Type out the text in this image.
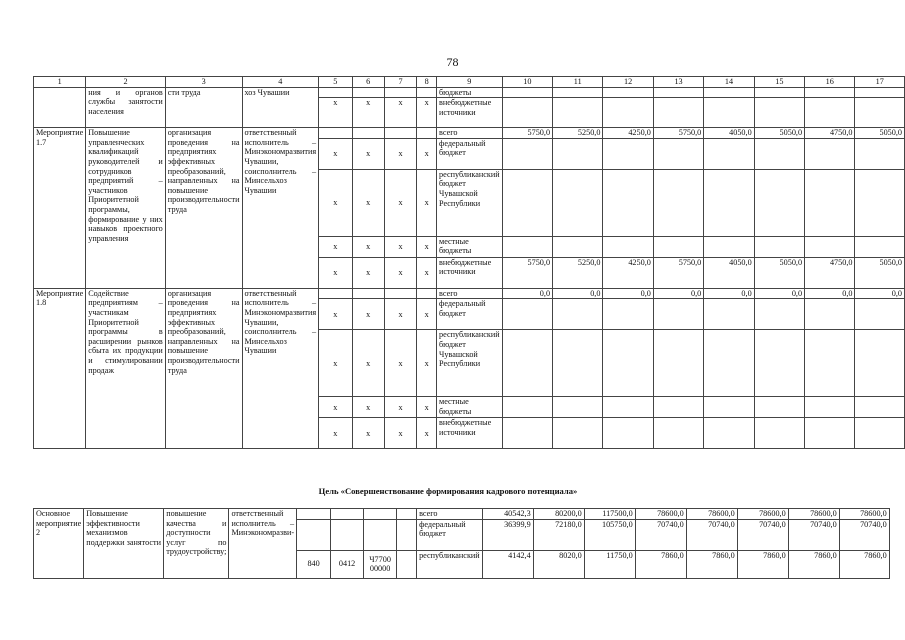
78
1	2	3	4	5	6	7	8	9	10	11	12	13	14	15	16	17
	ния и органов службы занятости населения	сти труда	хоз Чувашии					бюджеты								
				x	x	x	x	внебюджетные источники								
Мероприятие 1.7	Повышение управленческих квалификаций руководителей и сотрудников предприятий – участников Приоритетной программы, формирование у них навыков проектного управления	организация проведения на предприятиях эффективных преобразований, направленных на повышение производительности труда	ответственный исполнитель – Минэкономразвития Чувашии, соисполнитель – Минсельхоз Чувашии					всего	5750,0	5250,0	4250,0	5750,0	4050,0	5050,0	4750,0	5050,0
				x	x	x	x	федеральный бюджет								
				x	x	x	x	республиканский бюджет Чувашской Республики								
				x	x	x	x	местные бюджеты								
				x	x	x	x	внебюджетные источники	5750,0	5250,0	4250,0	5750,0	4050,0	5050,0	4750,0	5050,0
Мероприятие 1.8	Содействие предприятиям – участникам Приоритетной программы в расширении рынков сбыта их продукции и стимулировании продаж	организация проведения на предприятиях эффективных преобразований, направленных на повышение производительности труда	ответственный исполнитель – Минэкономразвития Чувашии, соисполнитель – Минсельхоз Чувашии					всего	0,0	0,0	0,0	0,0	0,0	0,0	0,0	0,0
				x	x	x	x	федеральный бюджет								
				x	x	x	x	республиканский бюджет Чувашской Республики								
				x	x	x	x	местные бюджеты								
				x	x	x	x	внебюджетные источники								
Цель «Совершенствование формирования кадрового потенциала»
Основное мероприятие 2	Повышение эффективности механизмов поддержки занятости	повышение качества и доступности услуг по трудоустройству;	ответственный исполнитель – Минэкономразви-					всего	40542,3	80200,0	117500,0	78600,0	78600,0	78600,0	78600,0	78600,0
								федеральный бюджет	36399,9	72180,0	105750,0	70740,0	70740,0	70740,0	70740,0	70740,0
				840	0412	Ч7700 00000		республиканский	4142,4	8020,0	11750,0	7860,0	7860,0	7860,0	7860,0	7860,0
